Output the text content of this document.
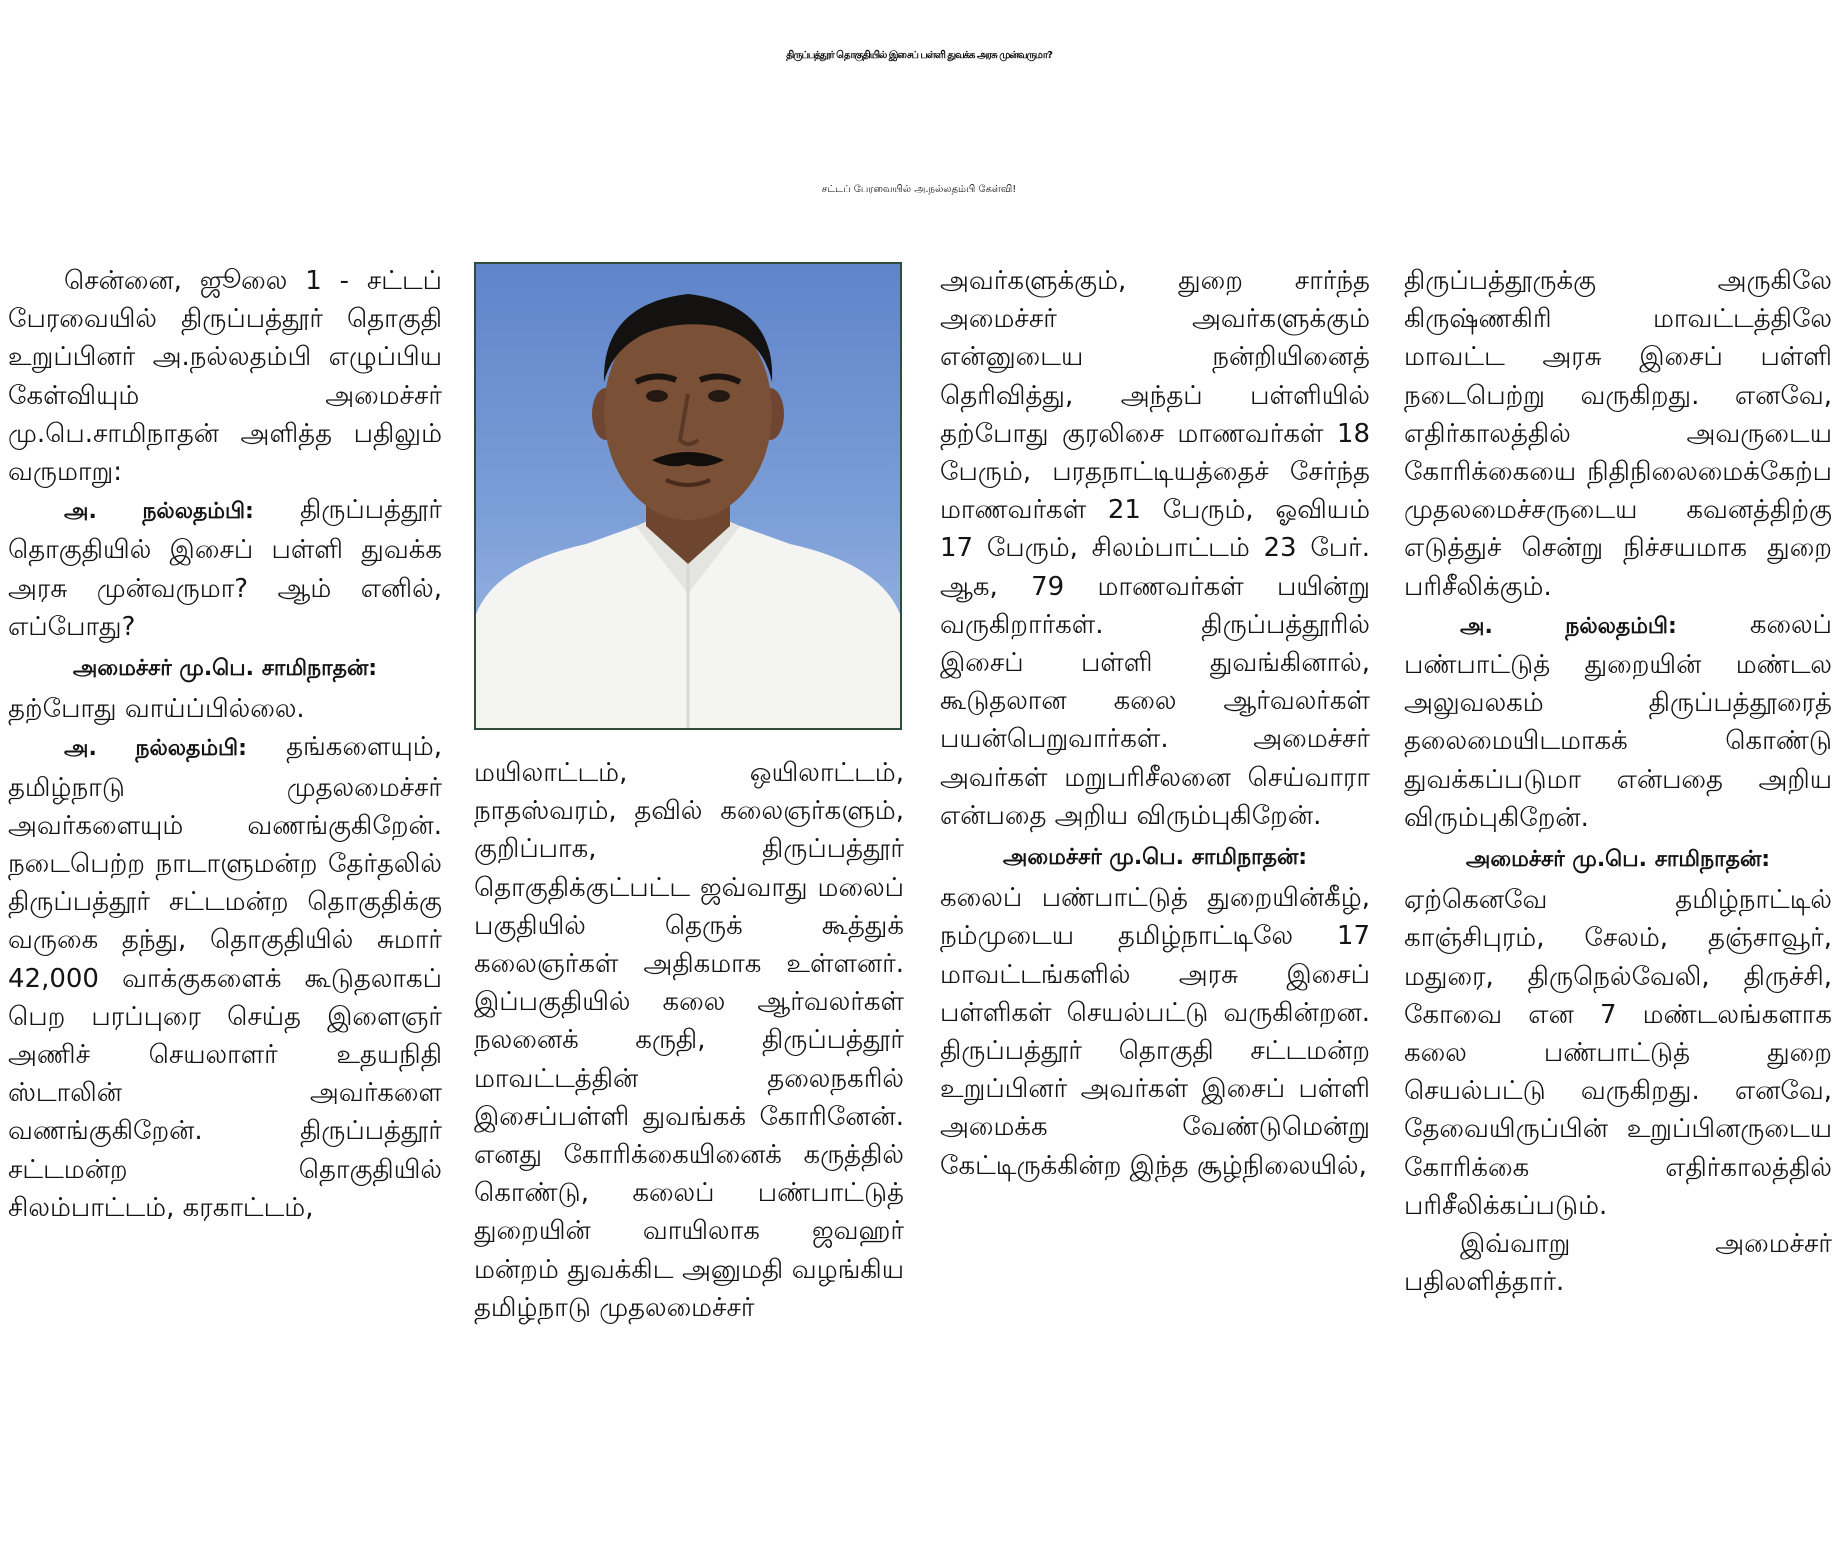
திருப்பத்தூர் தொகுதியில் இசைப் பள்ளி துவக்க அரசு முன்வருமா?
சட்டப் பேரவையில் அ.நல்லதம்பி கேள்வி!

சென்னை, ஜூலை 1 - சட்டப் பேரவையில் திருப்பத்தூர் தொகுதி உறுப்பினர் அ.நல்லதம்பி எழுப்பிய கேள்வியும் அமைச்சர் மு.பெ.சாமிநாதன் அளித்த பதிலும் வருமாறு:

அ. நல்லதம்பி: திருப்பத்தூர் தொகுதியில் இசைப் பள்ளி துவக்க அரசு முன்வருமா? ஆம் எனில், எப்போது?

அமைச்சர் மு.பெ. சாமிநாதன்:

தற்போது வாய்ப்பில்லை.

அ. நல்லதம்பி: தங்களையும், தமிழ்நாடு முதலமைச்சர் அவர்களையும் வணங்குகிறேன். நடைபெற்ற நாடாளுமன்ற தேர்தலில் திருப்பத்தூர் சட்டமன்ற தொகுதிக்கு வருகை தந்து, தொகுதியில் சுமார் 42,000 வாக்குகளைக் கூடுதலாகப் பெற பரப்புரை செய்த இளைஞர் அணிச் செயலாளர் உதயநிதி ஸ்டாலின் அவர்களை வணங்குகிறேன். திருப்பத்தூர் சட்டமன்ற தொகுதியில் சிலம்பாட்டம், கரகாட்டம்,

மயிலாட்டம், ஒயிலாட்டம், நாதஸ்வரம், தவில் கலைஞர்களும், குறிப்பாக, திருப்பத்தூர் தொகுதிக்குட்பட்ட ஜவ்வாது மலைப் பகுதியில் தெருக் கூத்துக் கலைஞர்கள் அதிகமாக உள்ளனர். இப்பகுதியில் கலை ஆர்வலர்கள் நலனைக் கருதி, திருப்பத்தூர் மாவட்டத்தின் தலைநகரில் இசைப்பள்ளி துவங்கக் கோரினேன். எனது கோரிக்கையினைக் கருத்தில் கொண்டு, கலைப் பண்பாட்டுத் துறையின் வாயிலாக ஜவஹர் மன்றம் துவக்கிட அனுமதி வழங்கிய தமிழ்நாடு முதலமைச்சர்

அவர்களுக்கும், துறை சார்ந்த அமைச்சர் அவர்களுக்கும் என்னுடைய நன்றியினைத் தெரிவித்து, அந்தப் பள்ளியில் தற்போது குரலிசை மாணவர்கள் 18 பேரும், பரதநாட்டியத்தைச் சேர்ந்த மாணவர்கள் 21 பேரும், ஓவியம் 17 பேரும், சிலம்பாட்டம் 23 பேர். ஆக, 79 மாணவர்கள் பயின்று வருகிறார்கள். திருப்பத்தூரில் இசைப் பள்ளி துவங்கினால், கூடுதலான கலை ஆர்வலர்கள் பயன்பெறுவார்கள். அமைச்சர் அவர்கள் மறுபரிசீலனை செய்வாரா என்பதை அறிய விரும்புகிறேன்.

அமைச்சர் மு.பெ. சாமிநாதன்:

கலைப் பண்பாட்டுத் துறையின்கீழ், நம்முடைய தமிழ்நாட்டிலே 17 மாவட்டங்களில் அரசு இசைப் பள்ளிகள் செயல்பட்டு வருகின்றன. திருப்பத்தூர் தொகுதி சட்டமன்ற உறுப்பினர் அவர்கள் இசைப் பள்ளி அமைக்க வேண்டுமென்று கேட்டிருக்கின்ற இந்த சூழ்நிலையில்,

திருப்பத்தூருக்கு அருகிலே கிருஷ்ணகிரி மாவட்டத்திலே மாவட்ட அரசு இசைப் பள்ளி நடைபெற்று வருகிறது. எனவே, எதிர்காலத்தில் அவருடைய கோரிக்கையை நிதிநிலைமைக்கேற்ப முதலமைச்சருடைய கவனத்திற்கு எடுத்துச் சென்று நிச்சயமாக துறை பரிசீலிக்கும்.

அ. நல்லதம்பி: கலைப் பண்பாட்டுத் துறையின் மண்டல அலுவலகம் திருப்பத்தூரைத் தலைமையிடமாகக் கொண்டு துவக்கப்படுமா என்பதை அறிய விரும்புகிறேன்.

அமைச்சர் மு.பெ. சாமிநாதன்:

ஏற்கெனவே தமிழ்நாட்டில் காஞ்சிபுரம், சேலம், தஞ்சாவூர், மதுரை, திருநெல்வேலி, திருச்சி, கோவை என 7 மண்டலங்களாக கலை பண்பாட்டுத் துறை செயல்பட்டு வருகிறது. எனவே, தேவையிருப்பின் உறுப்பினருடைய கோரிக்கை எதிர்காலத்தில் பரிசீலிக்கப்படும்.

இவ்வாறு அமைச்சர் பதிலளித்தார்.
